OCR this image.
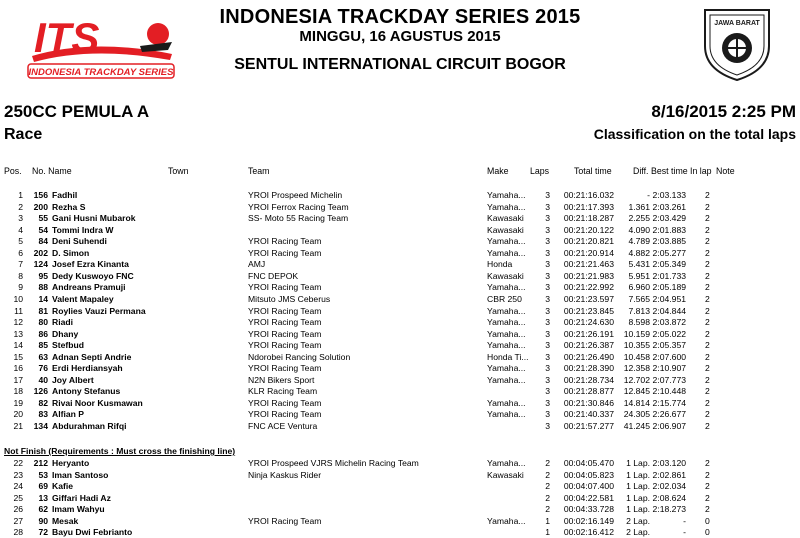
ITS
INDONESIA TRACKDAY SERIES
JAWA BARAT
INDONESIA TRACKDAY SERIES 2015
MINGGU, 16 AGUSTUS 2015
SENTUL INTERNATIONAL CIRCUIT BOGOR
250CC PEMULA A
Race
8/16/2015 2:25 PM
Classification on the total laps
Pos. No. Name	Town	Team	Make Laps	Total time Diff. Best time In lap Note
1	156 Fadhil	YROI Prospeed Michelin	Yamaha...	3	00:21:16.032	- 2:03.133 2
2	200 Rezha S	YROI Ferrox Racing Team	Yamaha...	3	00:21:17.393	1.361 2:03.261 2
3	55 Gani Husni Mubarok	SS- Moto 55 Racing Team	Kawasaki	3	00:21:18.287	2.255 2:03.429 2
4	54 Tommi Indra W	Kawasaki	3	00:21:20.122	4.090 2:01.883 2
5	84 Deni Suhendi	YROI Racing Team	Yamaha...	3	00:21:20.821	4.789 2:03.885 2
6	202 D. Simon	YROI Racing Team	Yamaha...	3	00:21:20.914	4.882 2:05.277 2
7	124 Josef Ezra Kinanta	AMJ	Honda	3	00:21:21.463	5.431 2:05.349 2
8	95 Dedy Kuswoyo FNC	FNC DEPOK	Kawasaki	3	00:21:21.983	5.951 2:01.733 2
9	88 Andreans Pramuji	YROI Racing Team	Yamaha...	3	00:21:22.992	6.960 2:05.189 2
10	14 Valent Mapaley	Mitsuto JMS Ceberus	CBR 250	3	00:21:23.597	7.565 2:04.951 2
11	81 Roylies Vauzi Permana	YROI Racing Team	Yamaha...	3	00:21:23.845	7.813 2:04.844 2
12	80 Riadi	YROI Racing Team	Yamaha...	3	00:21:24.630	8.598 2:03.872 2
13	86 Dhany	YROI Racing Team	Yamaha...	3	00:21:26.191	10.159 2:05.022 2
14	85 Stefbud	YROI Racing Team	Yamaha...	3	00:21:26.387	10.355 2:05.357 2
15	63 Adnan Septi Andrie	Ndorobei Rancing Solution	Honda Ti...	3	00:21:26.490	10.458 2:07.600 2
16	76 Erdi Herdiansyah	YROI Racing Team	Yamaha...	3	00:21:28.390	12.358 2:10.907 2
17	40 Joy Albert	N2N Bikers Sport	Yamaha...	3	00:21:28.734	12.702 2:07.773 2
18	126 Antony Stefanus	KLR Racing Team	3	00:21:28.877	12.845 2:10.448 2
19	82 Rivai Noor Kusmawan	YROI Racing Team	Yamaha...	3	00:21:30.846	14.814 2:15.774 2
20	83 Alfian P	YROI Racing Team	Yamaha...	3	00:21:40.337	24.305 2:26.677 2
21	134 Abdurahman Rifqi	FNC ACE Ventura	3	00:21:57.277	41.245 2:06.907 2
Not Finish (Requirements : Must cross the finishing line)
22	212 Heryanto	YROI Prospeed VJRS Michelin Racing Team	Yamaha...	2	00:04:05.470	1 Lap. 2:03.120 2
23	53 Iman Santoso	Ninja Kaskus Rider	Kawasaki	2	00:04:05.823	1 Lap. 2:02.861 2
24	69 Kafie	2	00:04:07.400	1 Lap. 2:02.034 2
25	13 Giffari Hadi Az	2	00:04:22.581	1 Lap. 2:08.624 2
26	62 Imam Wahyu	2	00:04:33.728	1 Lap. 2:18.273 2
27	90 Mesak	YROI Racing Team	Yamaha...	1	00:02:16.149	2 Lap.	- 0
28	72 Bayu Dwi Febrianto	1	00:02:16.412	2 Lap.	- 0
